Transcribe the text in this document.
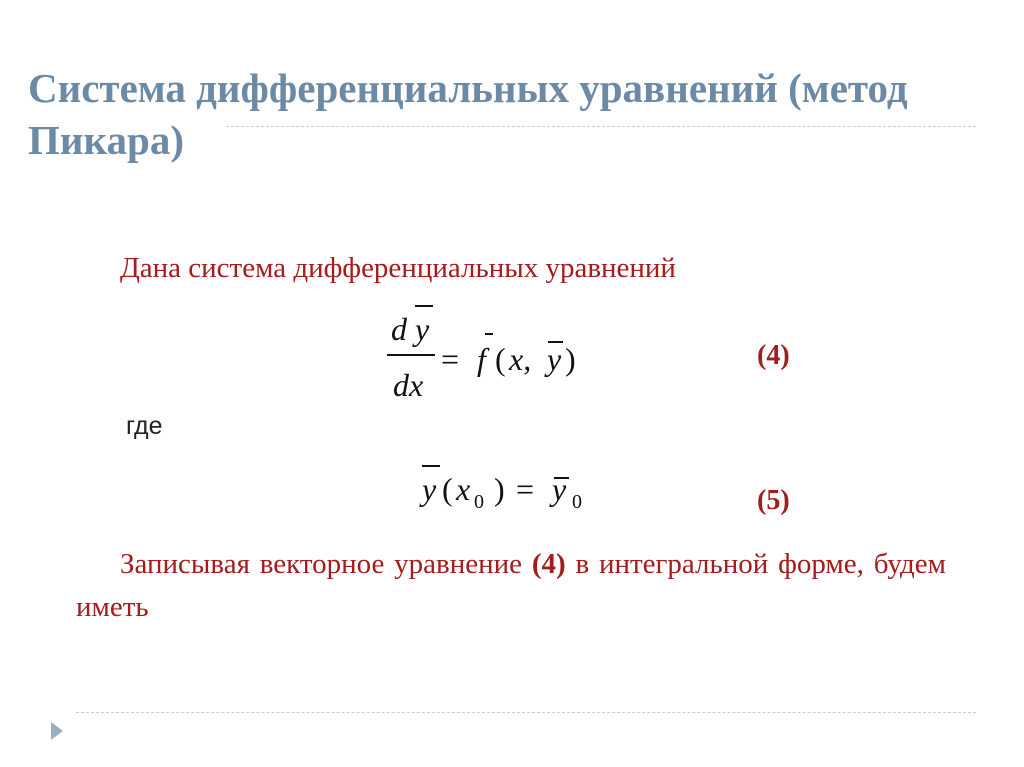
Система дифференциальных уравнений (метод Пикара)

Дана система дифференциальных уравнений

d y
dx
= f ( x, y )	(4)

где

y ( x 0 ) = y 0	(5)

Записывая векторное уравнение (4) в интегральной форме, будем иметь
